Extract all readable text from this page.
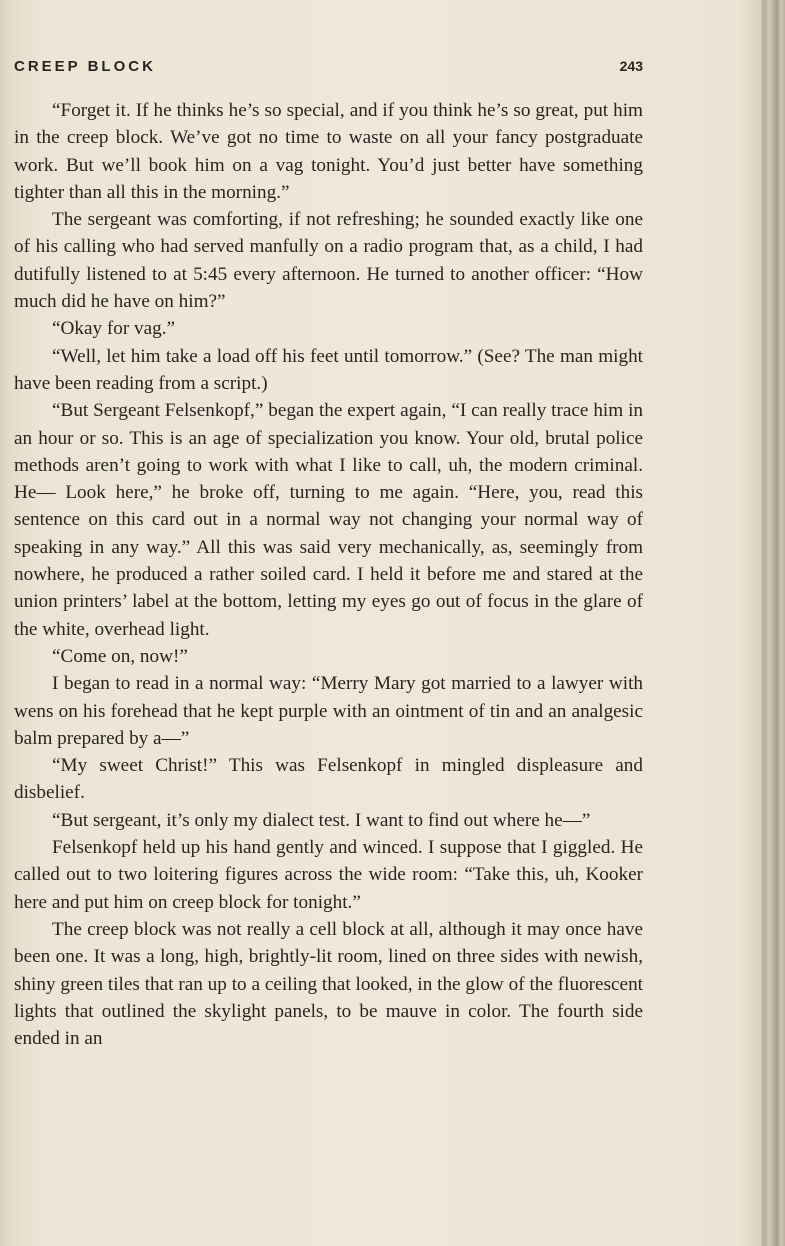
CREEP BLOCK	243

“Forget it. If he thinks he’s so special, and if you think he’s so great, put him in the creep block. We’ve got no time to waste on all your fancy postgraduate work. But we’ll book him on a vag tonight. You’d just better have something tighter than all this in the morning.”

The sergeant was comforting, if not refreshing; he sounded exactly like one of his calling who had served manfully on a radio program that, as a child, I had dutifully listened to at 5:45 every afternoon. He turned to another officer: “How much did he have on him?”

“Okay for vag.”

“Well, let him take a load off his feet until tomorrow.” (See? The man might have been reading from a script.)

“But Sergeant Felsenkopf,” began the expert again, “I can really trace him in an hour or so. This is an age of specialization you know. Your old, brutal police methods aren’t going to work with what I like to call, uh, the modern criminal. He— Look here,” he broke off, turning to me again. “Here, you, read this sentence on this card out in a normal way not changing your normal way of speaking in any way.” All this was said very mechanically, as, seemingly from nowhere, he produced a rather soiled card. I held it before me and stared at the union printers’ label at the bottom, letting my eyes go out of focus in the glare of the white, overhead light.

“Come on, now!”

I began to read in a normal way: “Merry Mary got married to a lawyer with wens on his forehead that he kept purple with an ointment of tin and an analgesic balm prepared by a—”

“My sweet Christ!” This was Felsenkopf in mingled displeasure and disbelief.

“But sergeant, it’s only my dialect test. I want to find out where he—”

Felsenkopf held up his hand gently and winced. I suppose that I giggled. He called out to two loitering figures across the wide room: “Take this, uh, Kooker here and put him on creep block for tonight.”

The creep block was not really a cell block at all, although it may once have been one. It was a long, high, brightly-lit room, lined on three sides with newish, shiny green tiles that ran up to a ceiling that looked, in the glow of the fluorescent lights that outlined the skylight panels, to be mauve in color. The fourth side ended in an
